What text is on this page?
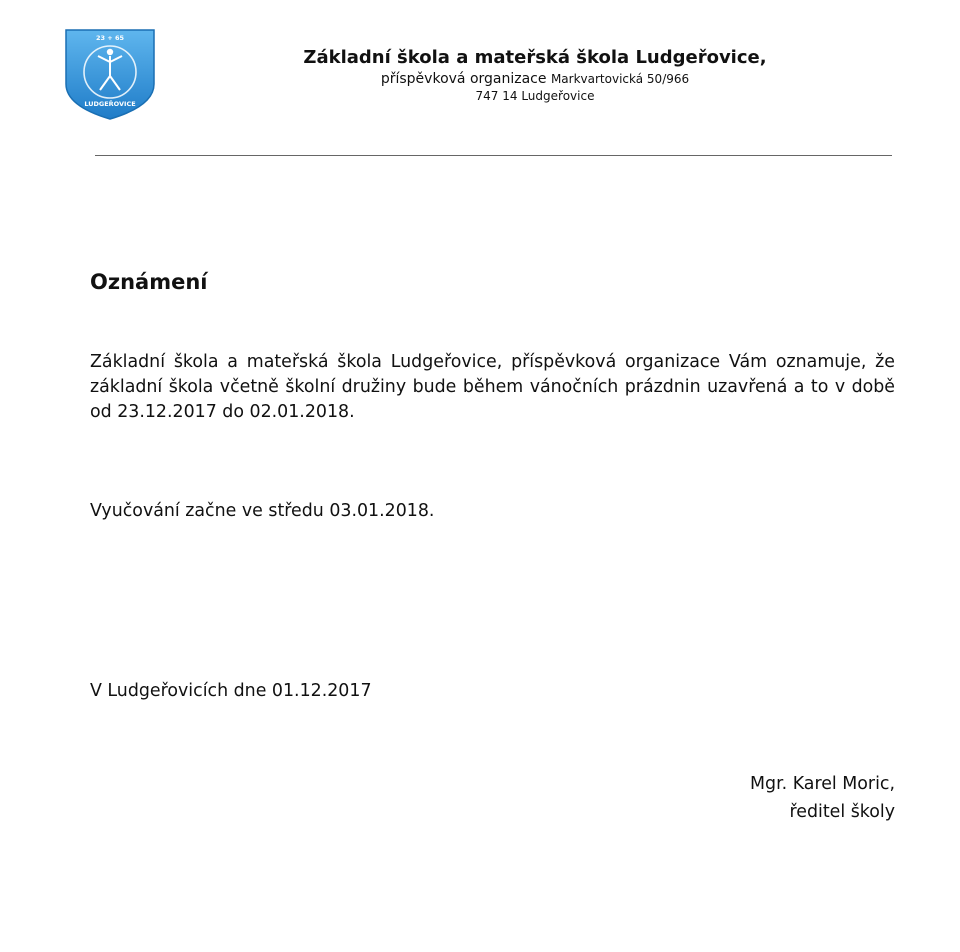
23 + 65
LUDGEŘOVICE
Základní škola a mateřská škola Ludgeřovice,
příspěvková organizace Markvartovická 50/966
747 14 Ludgeřovice
Oznámení

Základní škola a mateřská škola Ludgeřovice, příspěvková organizace Vám oznamuje, že základní škola včetně školní družiny bude během vánočních prázdnin uzavřená a to v době od 23.12.2017 do 02.01.2018.

Vyučování začne ve středu 03.01.2018.

V Ludgeřovicích dne 01.12.2017

Mgr. Karel Moric,
ředitel školy
